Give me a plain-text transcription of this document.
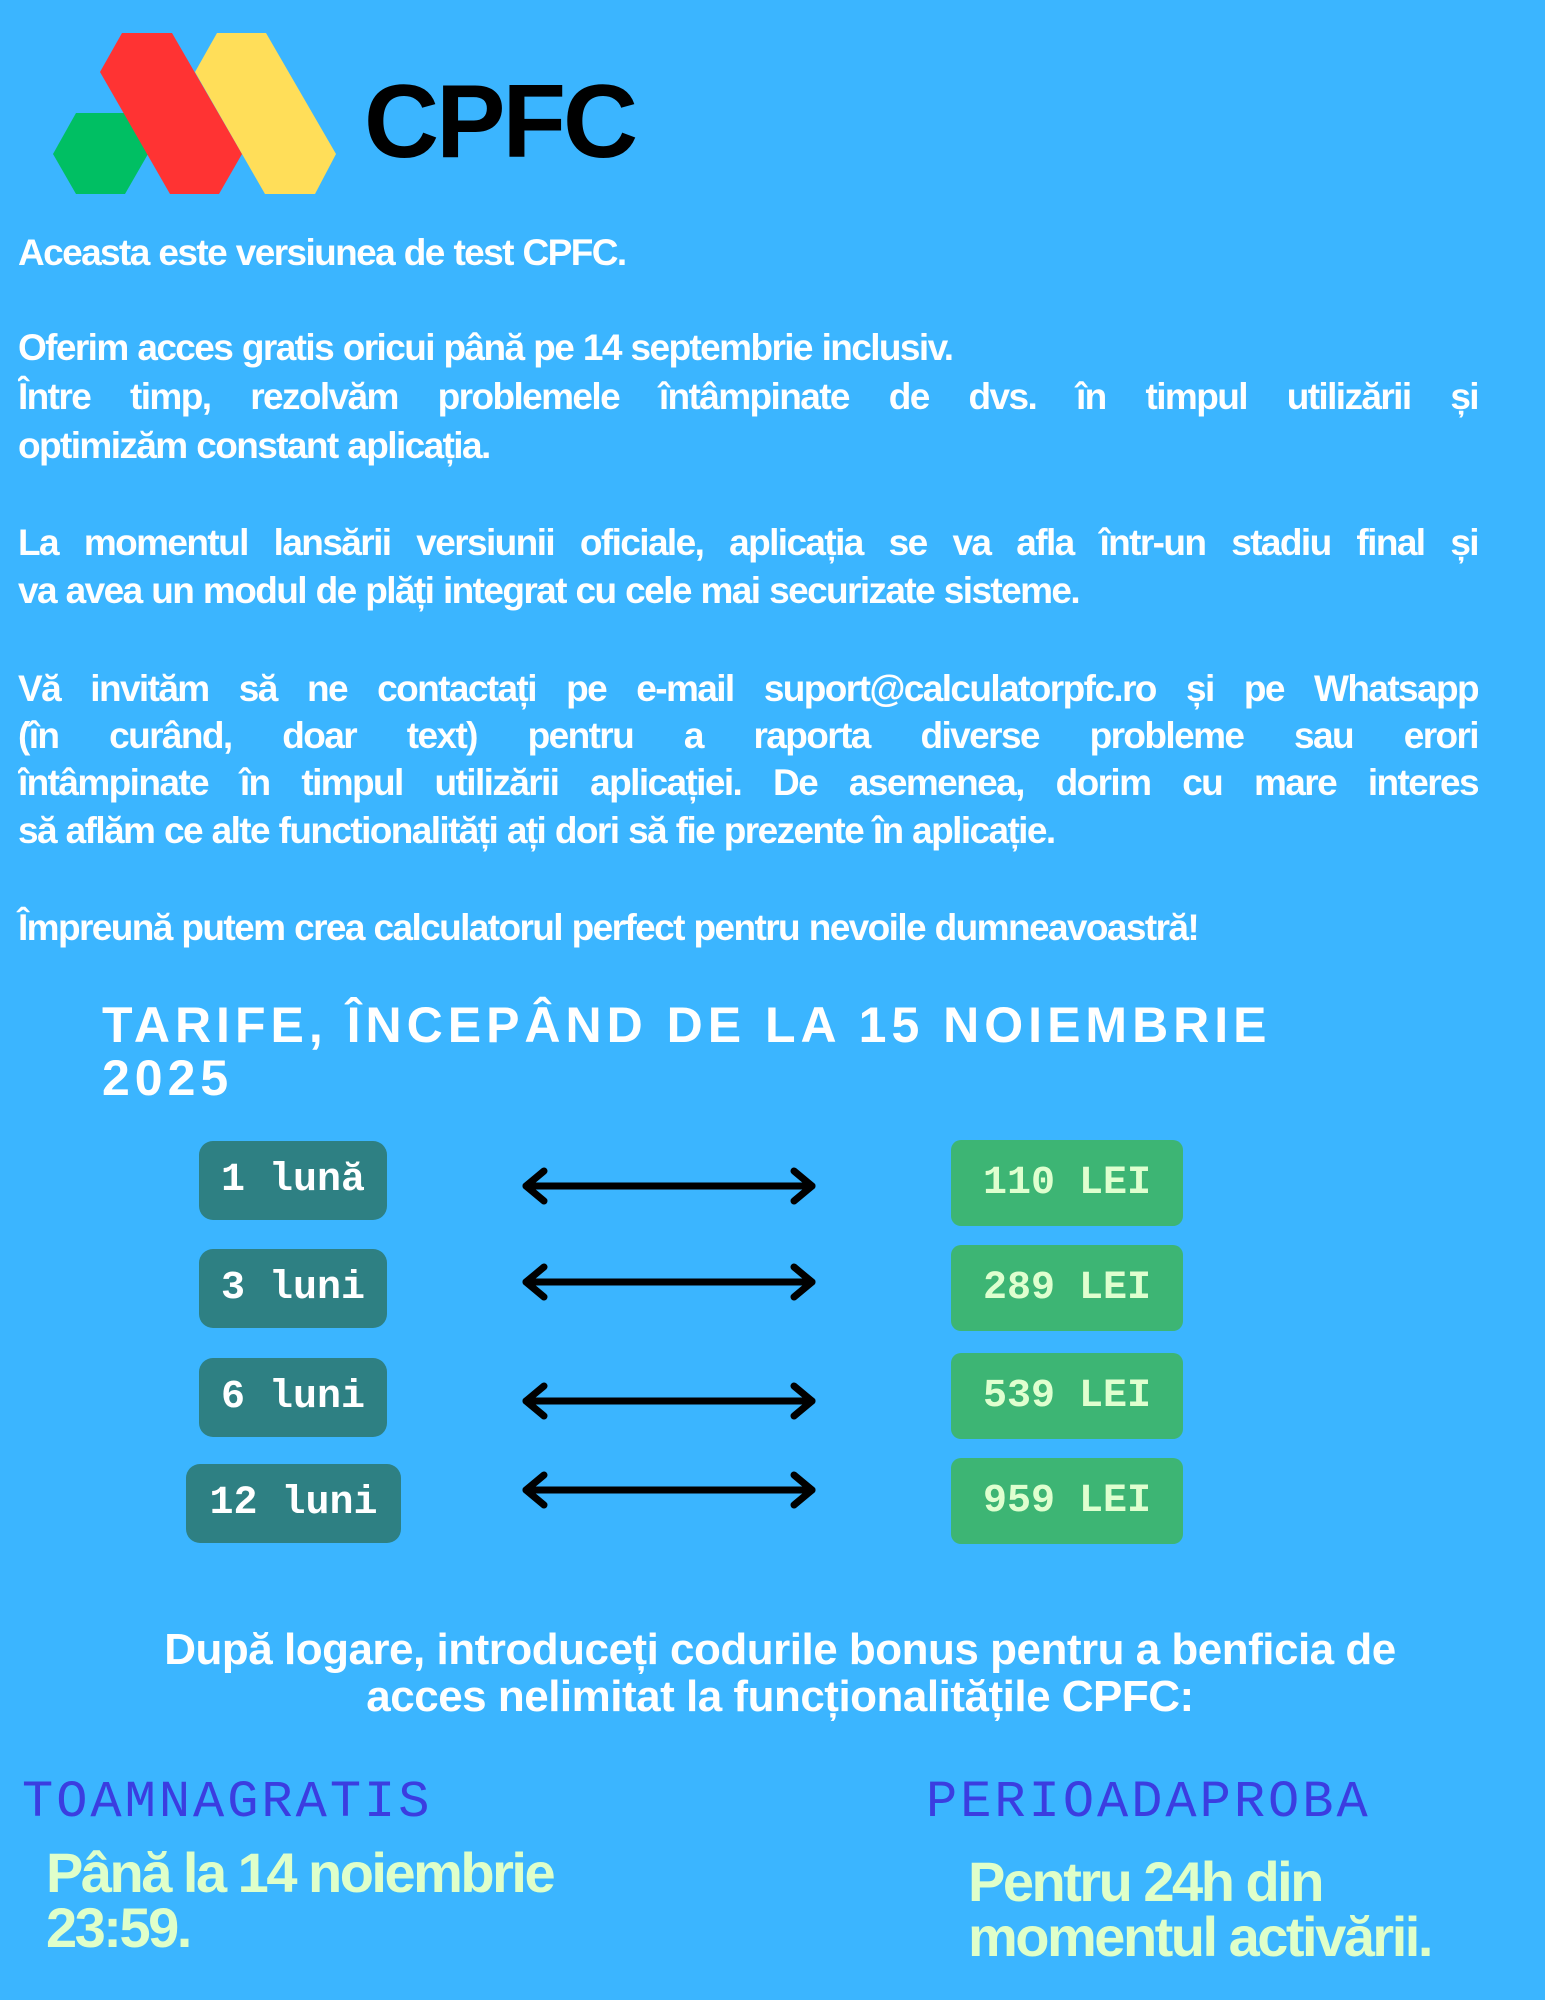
CPFC
Aceasta este versiunea de test CPFC.
Oferim acces gratis oricui până pe 14 septembrie inclusiv.
Între timp, rezolvăm problemele întâmpinate de dvs. în timpul utilizării și
optimizăm constant aplicația.
La momentul lansării versiunii oficiale, aplicația se va afla într-un stadiu final și
va avea un modul de plăți integrat cu cele mai securizate sisteme.
Vă invităm să ne contactați pe e-mail suport@calculatorpfc.ro și pe Whatsapp
(în curând, doar text) pentru a raporta diverse probleme sau erori
întâmpinate în timpul utilizării aplicației. De asemenea, dorim cu mare interes
să aflăm ce alte functionalități ați dori să fie prezente în aplicație.
Împreună putem crea calculatorul perfect pentru nevoile dumneavoastră!
TARIFE, ÎNCEPÂND DE LA 15 NOIEMBRIE
2025
1 lună	110 LEI
3 luni	289 LEI
6 luni	539 LEI
12 luni	959 LEI
După logare, introduceți codurile bonus pentru a benficia de
acces nelimitat la funcționalitățile CPFC:
TOAMNAGRATIS
Până la 14 noiembrie
23:59.
PERIOADAPROBA
Pentru 24h din
momentul activării.
